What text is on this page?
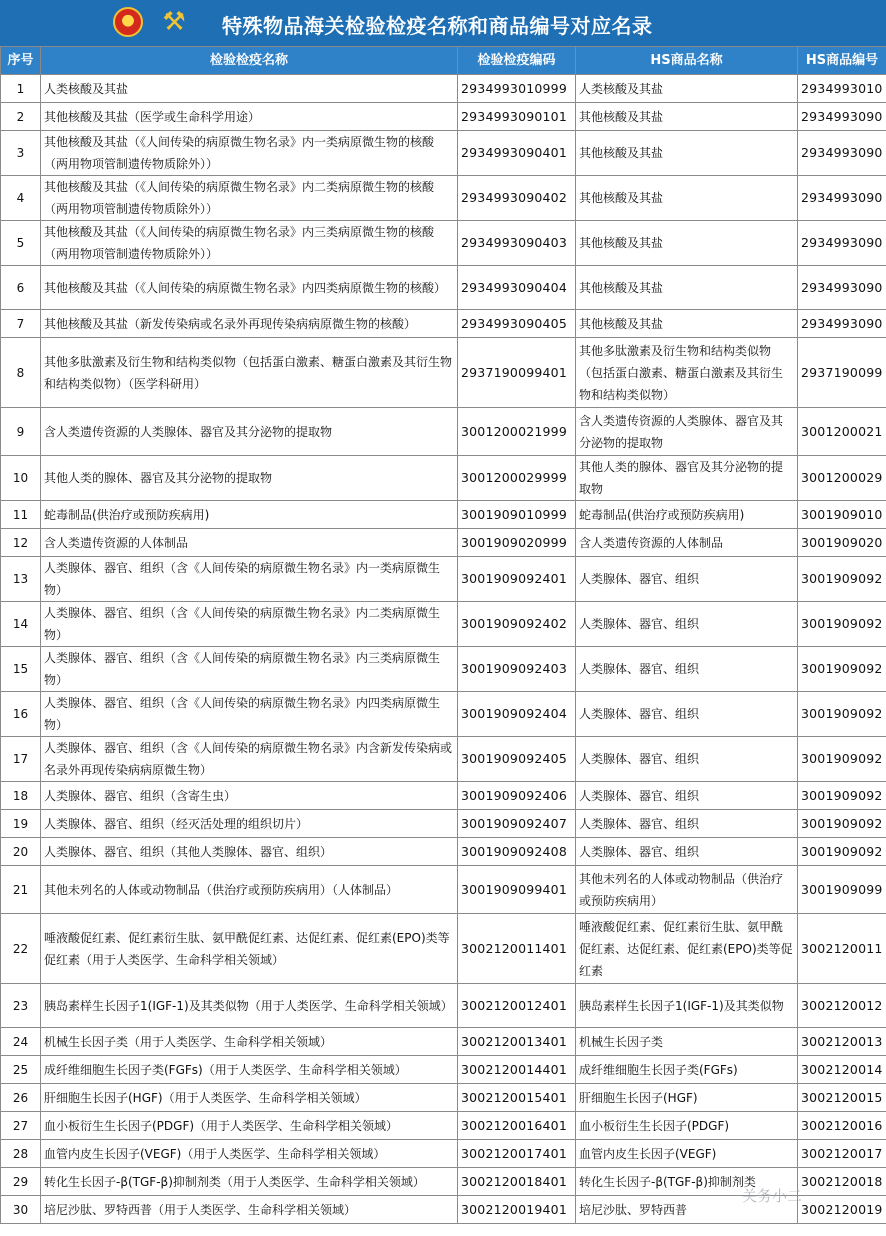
⚒ 特殊物品海关检验检疫名称和商品编号对应名录
序号	检验检疫名称	检验检疫编码	HS商品名称	HS商品编号
1	人类核酸及其盐	2934993010999	人类核酸及其盐	2934993010
2	其他核酸及其盐（医学或生命科学用途）	2934993090101	其他核酸及其盐	2934993090
3	其他核酸及其盐（《人间传染的病原微生物名录》内一类病原微生物的核酸（两用物项管制遗传物质除外））	2934993090401	其他核酸及其盐	2934993090
4	其他核酸及其盐（《人间传染的病原微生物名录》内二类病原微生物的核酸（两用物项管制遗传物质除外））	2934993090402	其他核酸及其盐	2934993090
5	其他核酸及其盐（《人间传染的病原微生物名录》内三类病原微生物的核酸（两用物项管制遗传物质除外））	2934993090403	其他核酸及其盐	2934993090
6	其他核酸及其盐（《人间传染的病原微生物名录》内四类病原微生物的核酸）	2934993090404	其他核酸及其盐	2934993090
7	其他核酸及其盐（新发传染病或名录外再现传染病病原微生物的核酸）	2934993090405	其他核酸及其盐	2934993090
8	其他多肽激素及衍生物和结构类似物（包括蛋白激素、糖蛋白激素及其衍生物和结构类似物）（医学科研用）	2937190099401	其他多肽激素及衍生物和结构类似物（包括蛋白激素、糖蛋白激素及其衍生物和结构类似物）	2937190099
9	含人类遗传资源的人类腺体、器官及其分泌物的提取物	3001200021999	含人类遗传资源的人类腺体、器官及其分泌物的提取物	3001200021
10	其他人类的腺体、器官及其分泌物的提取物	3001200029999	其他人类的腺体、器官及其分泌物的提取物	3001200029
11	蛇毒制品(供治疗或预防疾病用)	3001909010999	蛇毒制品(供治疗或预防疾病用)	3001909010
12	含人类遗传资源的人体制品	3001909020999	含人类遗传资源的人体制品	3001909020
13	人类腺体、器官、组织（含《人间传染的病原微生物名录》内一类病原微生物）	3001909092401	人类腺体、器官、组织	3001909092
14	人类腺体、器官、组织（含《人间传染的病原微生物名录》内二类病原微生物）	3001909092402	人类腺体、器官、组织	3001909092
15	人类腺体、器官、组织（含《人间传染的病原微生物名录》内三类病原微生物）	3001909092403	人类腺体、器官、组织	3001909092
16	人类腺体、器官、组织（含《人间传染的病原微生物名录》内四类病原微生物）	3001909092404	人类腺体、器官、组织	3001909092
17	人类腺体、器官、组织（含《人间传染的病原微生物名录》内含新发传染病或名录外再现传染病病原微生物）	3001909092405	人类腺体、器官、组织	3001909092
18	人类腺体、器官、组织（含寄生虫）	3001909092406	人类腺体、器官、组织	3001909092
19	人类腺体、器官、组织（经灭活处理的组织切片）	3001909092407	人类腺体、器官、组织	3001909092
20	人类腺体、器官、组织（其他人类腺体、器官、组织）	3001909092408	人类腺体、器官、组织	3001909092
21	其他未列名的人体或动物制品（供治疗或预防疾病用）（人体制品）	3001909099401	其他未列名的人体或动物制品（供治疗或预防疾病用）	3001909099
22	唾液酸促红素、促红素衍生肽、氨甲酰促红素、达促红素、促红素(EPO)类等促红素（用于人类医学、生命科学相关领域）	3002120011401	唾液酸促红素、促红素衍生肽、氨甲酰促红素、达促红素、促红素(EPO)类等促红素	3002120011
23	胰岛素样生长因子1(IGF-1)及其类似物（用于人类医学、生命科学相关领域）	3002120012401	胰岛素样生长因子1(IGF-1)及其类似物	3002120012
24	机械生长因子类（用于人类医学、生命科学相关领域）	3002120013401	机械生长因子类	3002120013
25	成纤维细胞生长因子类(FGFs)（用于人类医学、生命科学相关领域）	3002120014401	成纤维细胞生长因子类(FGFs)	3002120014
26	肝细胞生长因子(HGF)（用于人类医学、生命科学相关领域）	3002120015401	肝细胞生长因子(HGF)	3002120015
27	血小板衍生生长因子(PDGF)（用于人类医学、生命科学相关领域）	3002120016401	血小板衍生生长因子(PDGF)	3002120016
28	血管内皮生长因子(VEGF)（用于人类医学、生命科学相关领域）	3002120017401	血管内皮生长因子(VEGF)	3002120017
29	转化生长因子-β(TGF-β)抑制剂类（用于人类医学、生命科学相关领域）	3002120018401	转化生长因子-β(TGF-β)抑制剂类	3002120018
30	培尼沙肽、罗特西普（用于人类医学、生命科学相关领域）	3002120019401	培尼沙肽、罗特西普	3002120019
关务小二
